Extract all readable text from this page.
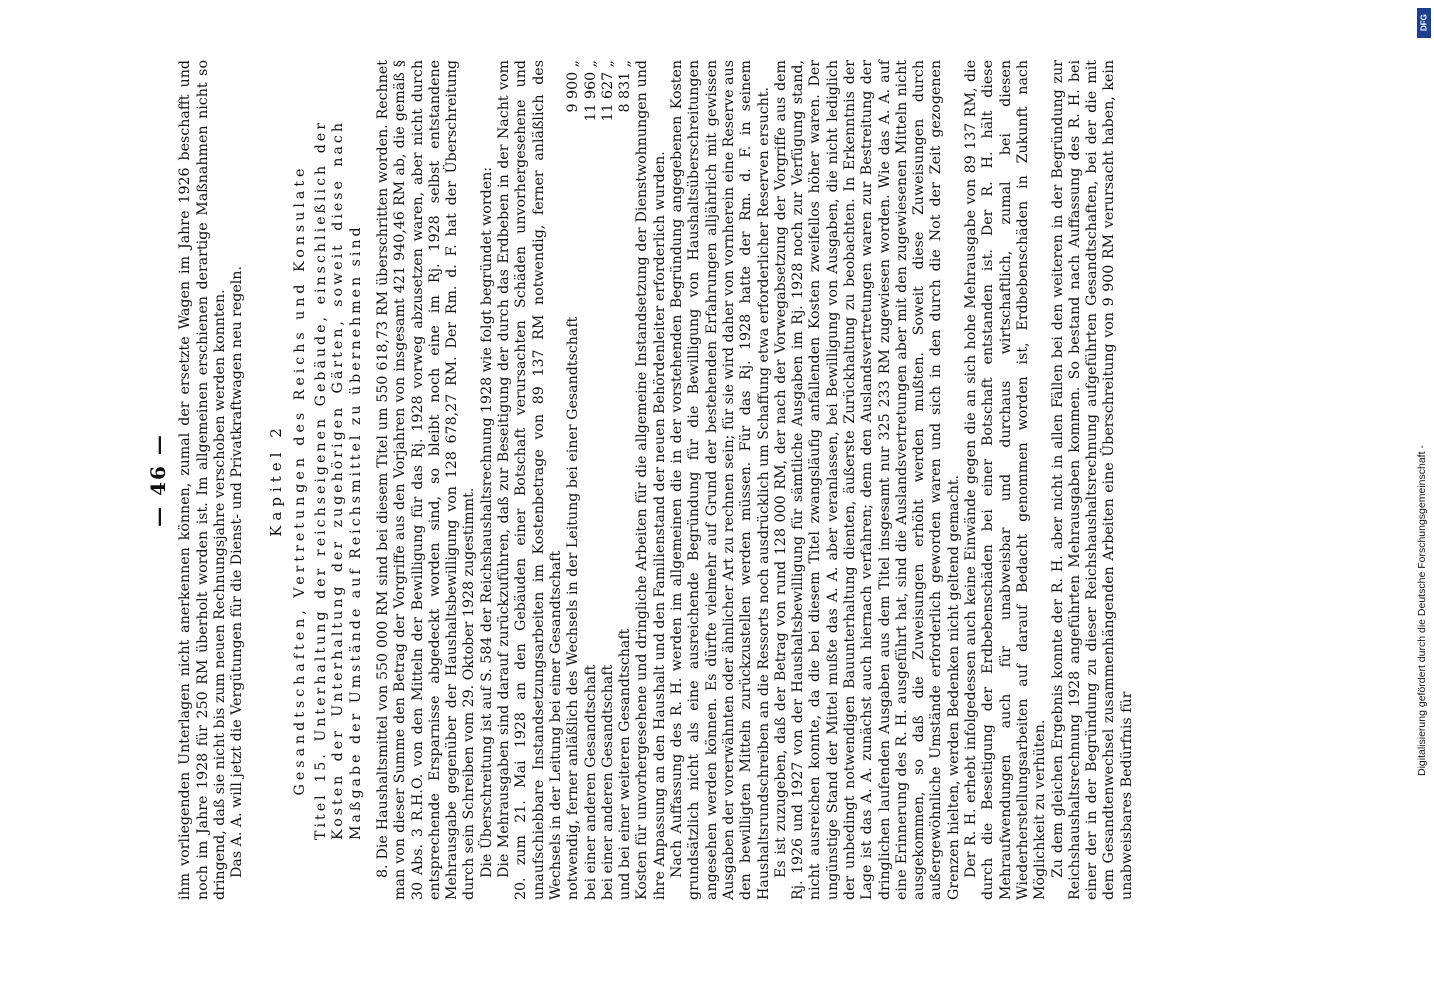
— 46 — ihm vorliegenden Unterlagen nicht anerkennen können, zumal der ersetzte Wagen im Jahre 1926 beschafft und noch im Jahre 1928 für 250 RM überholt worden ist. Im allgemeinen erschienen derartige Maßnahmen nicht so dringend, daß sie nicht bis zum neuen Rechnungsjahre verschoben werden konnten. Das A. A. will jetzt die Vergütungen für die Dienst- und Privatkraftwagen neu regeln. Kapitel 2 Gesandtschaften, Vertretungen des Reichs und Konsulate Titel 15. Unterhaltung der reichseigenen Gebäude, einschließlich der Kosten der Unterhaltung der zugehörigen Gärten, soweit diese nach Maßgabe der Umstände auf Reichsmittel zu übernehmen sind 8. Die Haushaltsmittel von 550 000 RM sind bei diesem Titel um 550 618,73 RM überschritten worden. Rechnet man von dieser Summe den Betrag der Vorgriffe aus den Vorjahren von insgesamt 421 940,46 RM ab, die gemäß § 30 Abs. 3 R.H.O. von den Mitteln der Bewilligung für das Rj. 1928 vorweg abzusetzen waren, aber nicht durch entsprechende Ersparnisse abgedeckt worden sind, so bleibt noch eine im Rj. 1928 selbst entstandene Mehrausgabe gegenüber der Haushaltsbewilligung von 128 678,27 RM. Der Rm. d. F. hat der Überschreitung durch sein Schreiben vom 29. Oktober 1928 zugestimmt. Die Überschreitung ist auf S. 584 der Reichshaushaltsrechnung 1928 wie folgt begründet worden: Die Mehrausgaben sind darauf zurückzuführen, daß zur Beseitigung der durch das Erdbeben in der Nacht vom 20. zum 21. Mai 1928 an den Gebäuden einer Botschaft verursachten Schäden unvorhergesehene und unaufschiebbare Instandsetzungsarbeiten im Kostenbetrage von 89 137 RM notwendig, ferner anläßlich des Wechsels in der Leitung bei einer Gesandtschaft notwendig, ferner anläßlich des Wechsels in der Leitung bei einer Gesandtschaft
9 900 „
bei einer anderen Gesandtschaft
11 960 „
bei einer anderen Gesandtschaft
11 627 „
und bei einer weiteren Gesandtschaft
8 831 „ Kosten für unvorhergesehene und dringliche Arbeiten für die allgemeine Instandsetzung der Dienstwohnungen und ihre Anpassung an den Haushalt und den Familienstand der neuen Behördenleiter erforderlich wurden. Nach Auffassung des R. H. werden im allgemeinen die in der vorstehenden Begründung angegebenen Kosten grundsätzlich nicht als eine ausreichende Begründung für die Bewilligung von Haushaltsüberschreitungen angesehen werden können. Es dürfte vielmehr auf Grund der bestehenden Erfahrungen alljährlich mit gewissen Ausgaben der vorerwähnten oder ähnlicher Art zu rechnen sein; für sie wird daher von vornherein eine Reserve aus den bewilligten Mitteln zurückzustellen werden müssen. Für das Rj. 1928 hatte der Rm. d. F. in seinem Haushaltsrundschreiben an die Ressorts noch ausdrücklich um Schaffung etwa erforderlicher Reserven ersucht. Es ist zuzugeben, daß der Betrag von rund 128 000 RM, der nach der Vorwegabsetzung der Vorgriffe aus dem Rj. 1926 und 1927 von der Haushaltsbewilligung für sämtliche Ausgaben im Rj. 1928 noch zur Verfügung stand, nicht ausreichen konnte, da die bei diesem Titel zwangsläufig anfallenden Kosten zweifellos höher waren. Der ungünstige Stand der Mittel mußte das A. A. aber veranlassen, bei Bewilligung von Ausgaben, die nicht lediglich der unbedingt notwendigen Bauunterhaltung dienten, äußerste Zurückhaltung zu beobachten. In Erkenntnis der Lage ist das A. A. zunächst auch hiernach verfahren; denn den Auslandsvertretungen waren zur Bestreitung der dringlichen laufenden Ausgaben aus dem Titel insgesamt nur 325 233 RM zugewiesen worden. Wie das A. A. auf eine Erinnerung des R. H. ausgeführt hat, sind die Auslandsvertretungen aber mit den zugewiesenen Mitteln nicht ausgekommen, so daß die Zuweisungen erhöht werden mußten. Soweit diese Zuweisungen durch außergewöhnliche Umstände erforderlich geworden waren und sich in den durch die Not der Zeit gezogenen Grenzen hielten, werden Bedenken nicht geltend gemacht. Der R. H. erhebt infolgedessen auch keine Einwände gegen die an sich hohe Mehrausgabe von 89 137 RM, die durch die Beseitigung der Erdbebenschäden bei einer Botschaft entstanden ist. Der R. H. hält diese Mehraufwendungen auch für unabweisbar und durchaus wirtschaftlich, zumal bei diesen Wiederherstellungsarbeiten auf darauf Bedacht genommen worden ist, Erdbebenschäden in Zukunft nach Möglichkeit zu verhüten. Zu dem gleichen Ergebnis konnte der R. H. aber nicht in allen Fällen bei den weiteren in der Begründung zur Reichshaushaltsrechnung 1928 angeführten Mehrausgaben kommen. So bestand nach Auffassung des R. H. bei einer der in der Begründung zu dieser Reichshaushaltsrechnung aufgeführten Gesandtschaften, bei der die mit dem Gesandtenwechsel zusammenhängenden Arbeiten eine Überschreitung von 9 900 RM verursacht haben, kein unabweisbares Bedürfnis für

Digitalisierung gefördert durch die Deutsche Forschungsgemeinschaft -
DFG
